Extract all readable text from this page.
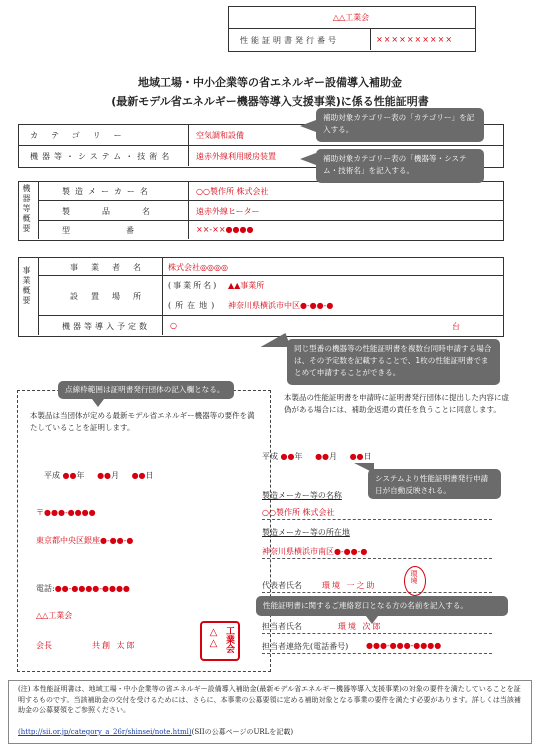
△△工業会
性能証明書発行番号	××××××××××
地域工場・中小企業等の省エネルギー設備導入補助金
(最新モデル省エネルギー機器等導入支援事業)に係る性能証明書
カテゴリー	空気調和設備
機器等・システム・技術名	遠赤外線利用暖房装置
機器等概要	製造メーカー名	○○製作所 株式会社
製品名 遠赤外線ヒーター
型番 ××-××●●●●
事業概要	事業者名 株式会社◎◎◎◎
設置場所
(事業所名) ▲▲事業所
(所在地) 神奈川県横浜市中区●-●●-●
機器等導入予定数	○	台
補助対象カテゴリー表の「カテゴリー」を記入する。
補助対象カテゴリー表の「機器等・システム・技術名」を記入する。
同じ型番の機器等の性能証明書を複数台同時申請する場合は、その予定数を記載することで、1枚の性能証明書でまとめて申請することができる。
点線枠範囲は証明書発行団体の記入欄となる。
本製品は当団体が定める最新モデル省エネルギー機器等の要件を満たしていることを証明します。
平成 ●●年 ●●月 ●●日
〒●●●-●●●●
東京都中央区銀座●-●●-●
電話:●●-●●●●-●●●●
△△工業会
会長	共創 太郎	△△ 工業会
本製品の性能証明書を申請時に証明書発行団体に提出した内容に虚偽がある場合には、補助金返還の責任を負うことに同意します。
平成 ●●年 ●●月 ●●日
システムより性能証明書発行申請日が自動反映される。
製造メーカー等の名称
○○製作所 株式会社
製造メーカー等の所在地
神奈川県横浜市南区●-●●-●
代表者氏名	環境 一之助
環境
性能証明書に関するご連絡窓口となる方の名前を記入する。
担当者氏名	環境 次郎
担当者連絡先(電話番号) ●●●-●●●-●●●●
(注) 本性能証明書は、地域工場・中小企業等の省エネルギー設備導入補助金(最新モデル省エネルギー機器等導入支援事業)の対象の要件を満たしていることを証明するものです。当該補助金の交付を受けるためには、さらに、本事業の公募要領に定める補助対象となる事業の要件を満たす必要があります。詳しくは当該補助金の公募要領をご参照ください。
(http://sii.or.jp/category_a_26r/shinsei/note.html)(SIIの公募ページのURLを記載)
